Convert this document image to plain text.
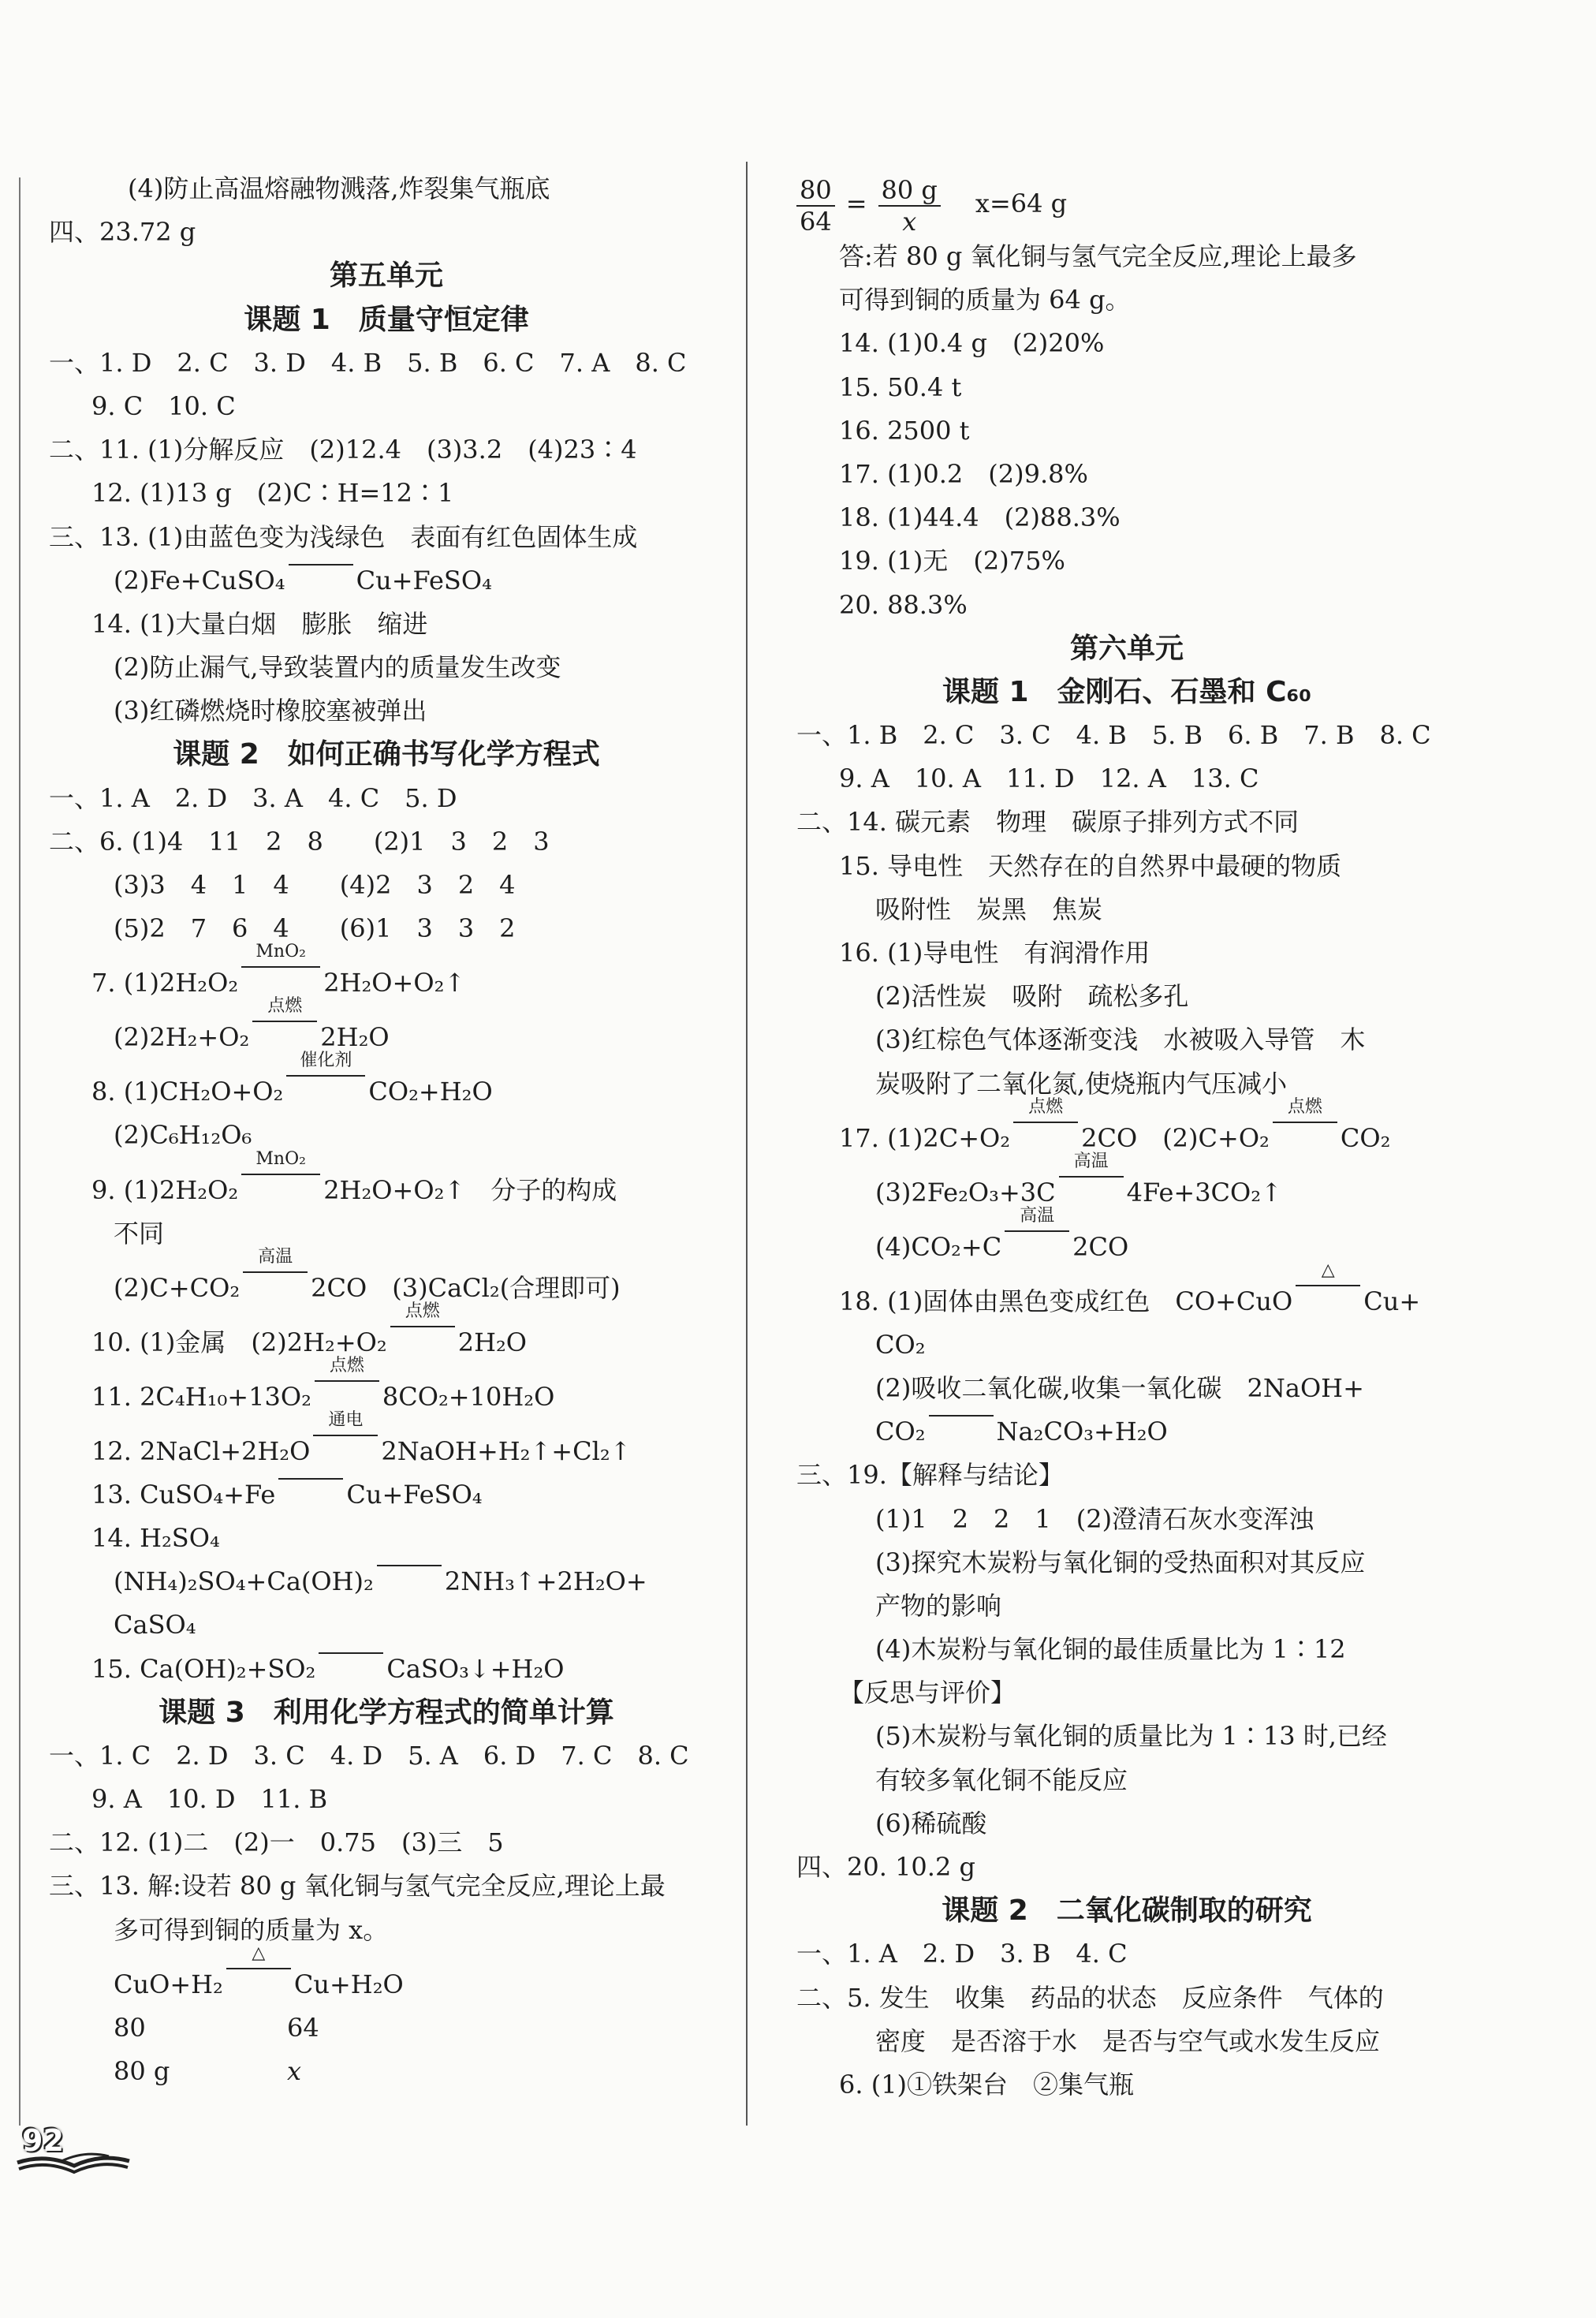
(4)防止高温熔融物溅落,炸裂集气瓶底
四、23.72 g
第五单元
课题 1　质量守恒定律
一、1. D　2. C　3. D　4. B　5. B　6. C　7. A　8. C
9. C　10. C
二、11. (1)分解反应　(2)12.4　(3)3.2　(4)23∶4
12. (1)13 g　(2)C∶H=12∶1
三、13. (1)由蓝色变为浅绿色　表面有红色固体生成
(2)Fe+CuSO₄	Cu+FeSO₄
14. (1)大量白烟　膨胀　缩进
(2)防止漏气,导致装置内的质量发生改变
(3)红磷燃烧时橡胶塞被弹出
课题 2　如何正确书写化学方程式
一、1. A　2. D　3. A　4. C　5. D
二、6. (1)4　11　2　8　　(2)1　3　2　3
(3)3　4　1　4　　(4)2　3　2　4
(5)2　7　6　4　　(6)1　3　3　2
7. (1)2H₂O₂
MnO₂
2H₂O+O₂↑
(2)2H₂+O₂
点燃
2H₂O
8. (1)CH₂O+O₂
催化剂
CO₂+H₂O
(2)C₆H₁₂O₆
9. (1)2H₂O₂
MnO₂
2H₂O+O₂↑　分子的构成
不同
(2)C+CO₂
高温
2CO　(3)CaCl₂(合理即可)
10. (1)金属　(2)2H₂+O₂
点燃
2H₂O
11. 2C₄H₁₀+13O₂
点燃
8CO₂+10H₂O
12. 2NaCl+2H₂O
通电
2NaOH+H₂↑+Cl₂↑
13. CuSO₄+Fe	Cu+FeSO₄
14. H₂SO₄
(NH₄)₂SO₄+Ca(OH)₂	2NH₃↑+2H₂O+
CaSO₄
15. Ca(OH)₂+SO₂	CaSO₃↓+H₂O
课题 3　利用化学方程式的简单计算
一、1. C　2. D　3. C　4. D　5. A　6. D　7. C　8. C
9. A　10. D　11. B
二、12. (1)二　(2)一　0.75　(3)三　5
三、13. 解:设若 80 g 氧化铜与氢气完全反应,理论上最
多可得到铜的质量为 x。
CuO+H₂
△
Cu+H₂O
80	64
80 g	x
$\frac{80}{64} = \frac{80 g}{x} x=64$ g
答:若 80 g 氧化铜与氢气完全反应,理论上最多
可得到铜的质量为 64 g。
14. (1)0.4 g　(2)20%
15. 50.4 t
16. 2500 t
17. (1)0.2　(2)9.8%
18. (1)44.4　(2)88.3%
19. (1)无　(2)75%
20. 88.3%
第六单元
课题 1　金刚石、石墨和 C₆₀
一、1. B　2. C　3. C　4. B　5. B　6. B　7. B　8. C
9. A　10. A　11. D　12. A　13. C
二、14. 碳元素　物理　碳原子排列方式不同
15. 导电性　天然存在的自然界中最硬的物质
吸附性　炭黑　焦炭
16. (1)导电性　有润滑作用
(2)活性炭　吸附　疏松多孔
(3)红棕色气体逐渐变浅　水被吸入导管　木
炭吸附了二氧化氮,使烧瓶内气压减小
17. (1)2C+O₂
点燃
2CO　(2)C+O₂
点燃
CO₂
(3)2Fe₂O₃+3C
高温
4Fe+3CO₂↑
(4)CO₂+C
高温
2CO
18. (1)固体由黑色变成红色　CO+CuO
△
Cu+
CO₂
(2)吸收二氧化碳,收集一氧化碳　2NaOH+
CO₂	Na₂CO₃+H₂O
三、19.【解释与结论】
(1)1　2　2　1　(2)澄清石灰水变浑浊
(3)探究木炭粉与氧化铜的受热面积对其反应
产物的影响
(4)木炭粉与氧化铜的最佳质量比为 1∶12
【反思与评价】
(5)木炭粉与氧化铜的质量比为 1∶13 时,已经
有较多氧化铜不能反应
(6)稀硫酸
四、20. 10.2 g
课题 2　二氧化碳制取的研究
一、1. A　2. D　3. B　4. C
二、5. 发生　收集　药品的状态　反应条件　气体的
密度　是否溶于水　是否与空气或水发生反应
6. (1)①铁架台　②集气瓶
92
